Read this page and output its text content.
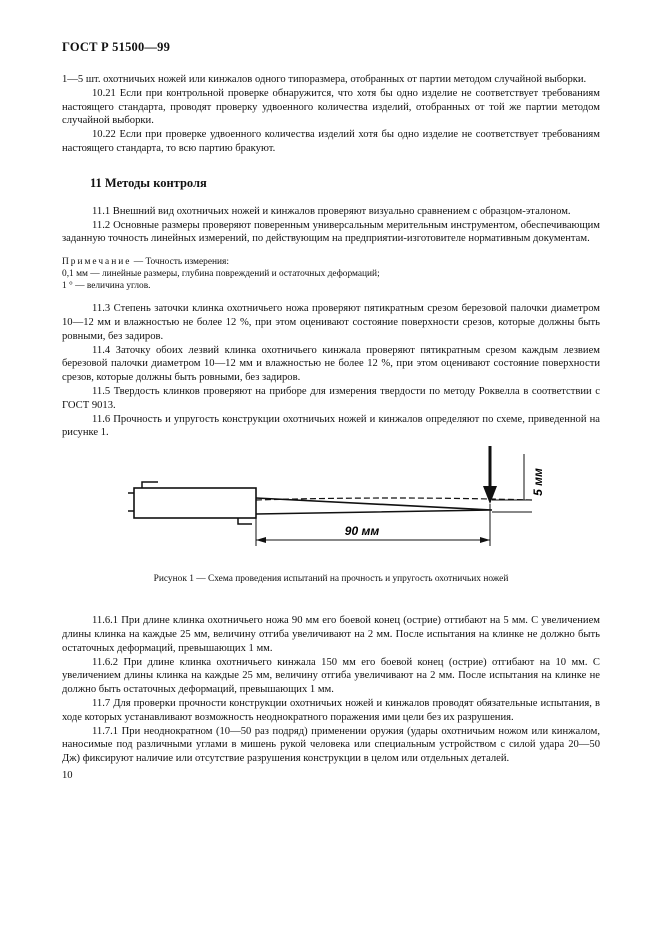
ГОСТ Р 51500—99

1—5 шт. охотничьих ножей или кинжалов одного типоразмера, отобранных от партии методом случайной выборки.

10.21 Если при контрольной проверке обнаружится, что хотя бы одно изделие не соответствует требованиям настоящего стандарта, проводят проверку удвоенного количества изделий, отобранных от той же партии методом случайной выборки.

10.22 Если при проверке удвоенного количества изделий хотя бы одно изделие не соответствует требованиям настоящего стандарта, то всю партию бракуют.

11 Методы контроля

11.1 Внешний вид охотничьих ножей и кинжалов проверяют визуально сравнением с образцом-эталоном.

11.2 Основные размеры проверяют поверенным универсальным мерительным инструментом, обеспечивающим заданную точность линейных измерений, по действующим на предприятии-изготовителе нормативным документам.

Примечание — Точность измерения:
0,1 мм — линейные размеры, глубина повреждений и остаточных деформаций;
1 ° — величина углов.

11.3 Степень заточки клинка охотничьего ножа проверяют пятикратным срезом березовой палочки диаметром 10—12 мм и влажностью не более 12 %, при этом оценивают состояние поверхности срезов, которые должны быть ровными, без задиров.

11.4 Заточку обоих лезвий клинка охотничьего кинжала проверяют пятикратным срезом каждым лезвием березовой палочки диаметром 10—12 мм и влажностью не более 12 %, при этом оценивают состояние поверхности срезов, которые должны быть ровными, без задиров.

11.5 Твердость клинков проверяют на приборе для измерения твердости по методу Роквелла в соответствии с ГОСТ 9013.

11.6 Прочность и упругость конструкции охотничьих ножей и кинжалов определяют по схеме, приведенной на рисунке 1.

5 мм
90 мм
Рисунок 1 — Схема проведения испытаний на прочность и упругость охотничьих ножей

11.6.1 При длине клинка охотничьего ножа 90 мм его боевой конец (острие) оттибают на 5 мм. С увеличением длины клинка на каждые 25 мм, величину отгиба увеличивают на 2 мм. После испытания на клинке не должно быть остаточных деформаций, превышающих 1 мм.

11.6.2 При длине клинка охотничьего кинжала 150 мм его боевой конец (острие) отгибают на 10 мм. С увеличением длины клинка на каждые 25 мм, величину отгиба увеличивают на 2 мм. После испытания на клинке не должно быть остаточных деформаций, превышающих 1 мм.

11.7 Для проверки прочности конструкции охотничьих ножей и кинжалов проводят обязательные испытания, в ходе которых устанавливают возможность неоднократного поражения ими цели без их разрушения.

11.7.1 При неоднократном (10—50 раз подряд) применении оружия (удары охотничьим ножом или кинжалом, наносимые под различными углами в мишень рукой человека или специальным устройством с силой удара 20—50 Дж) фиксируют наличие или отсутствие разрушения конструкции в целом или отдельных деталей.

10
